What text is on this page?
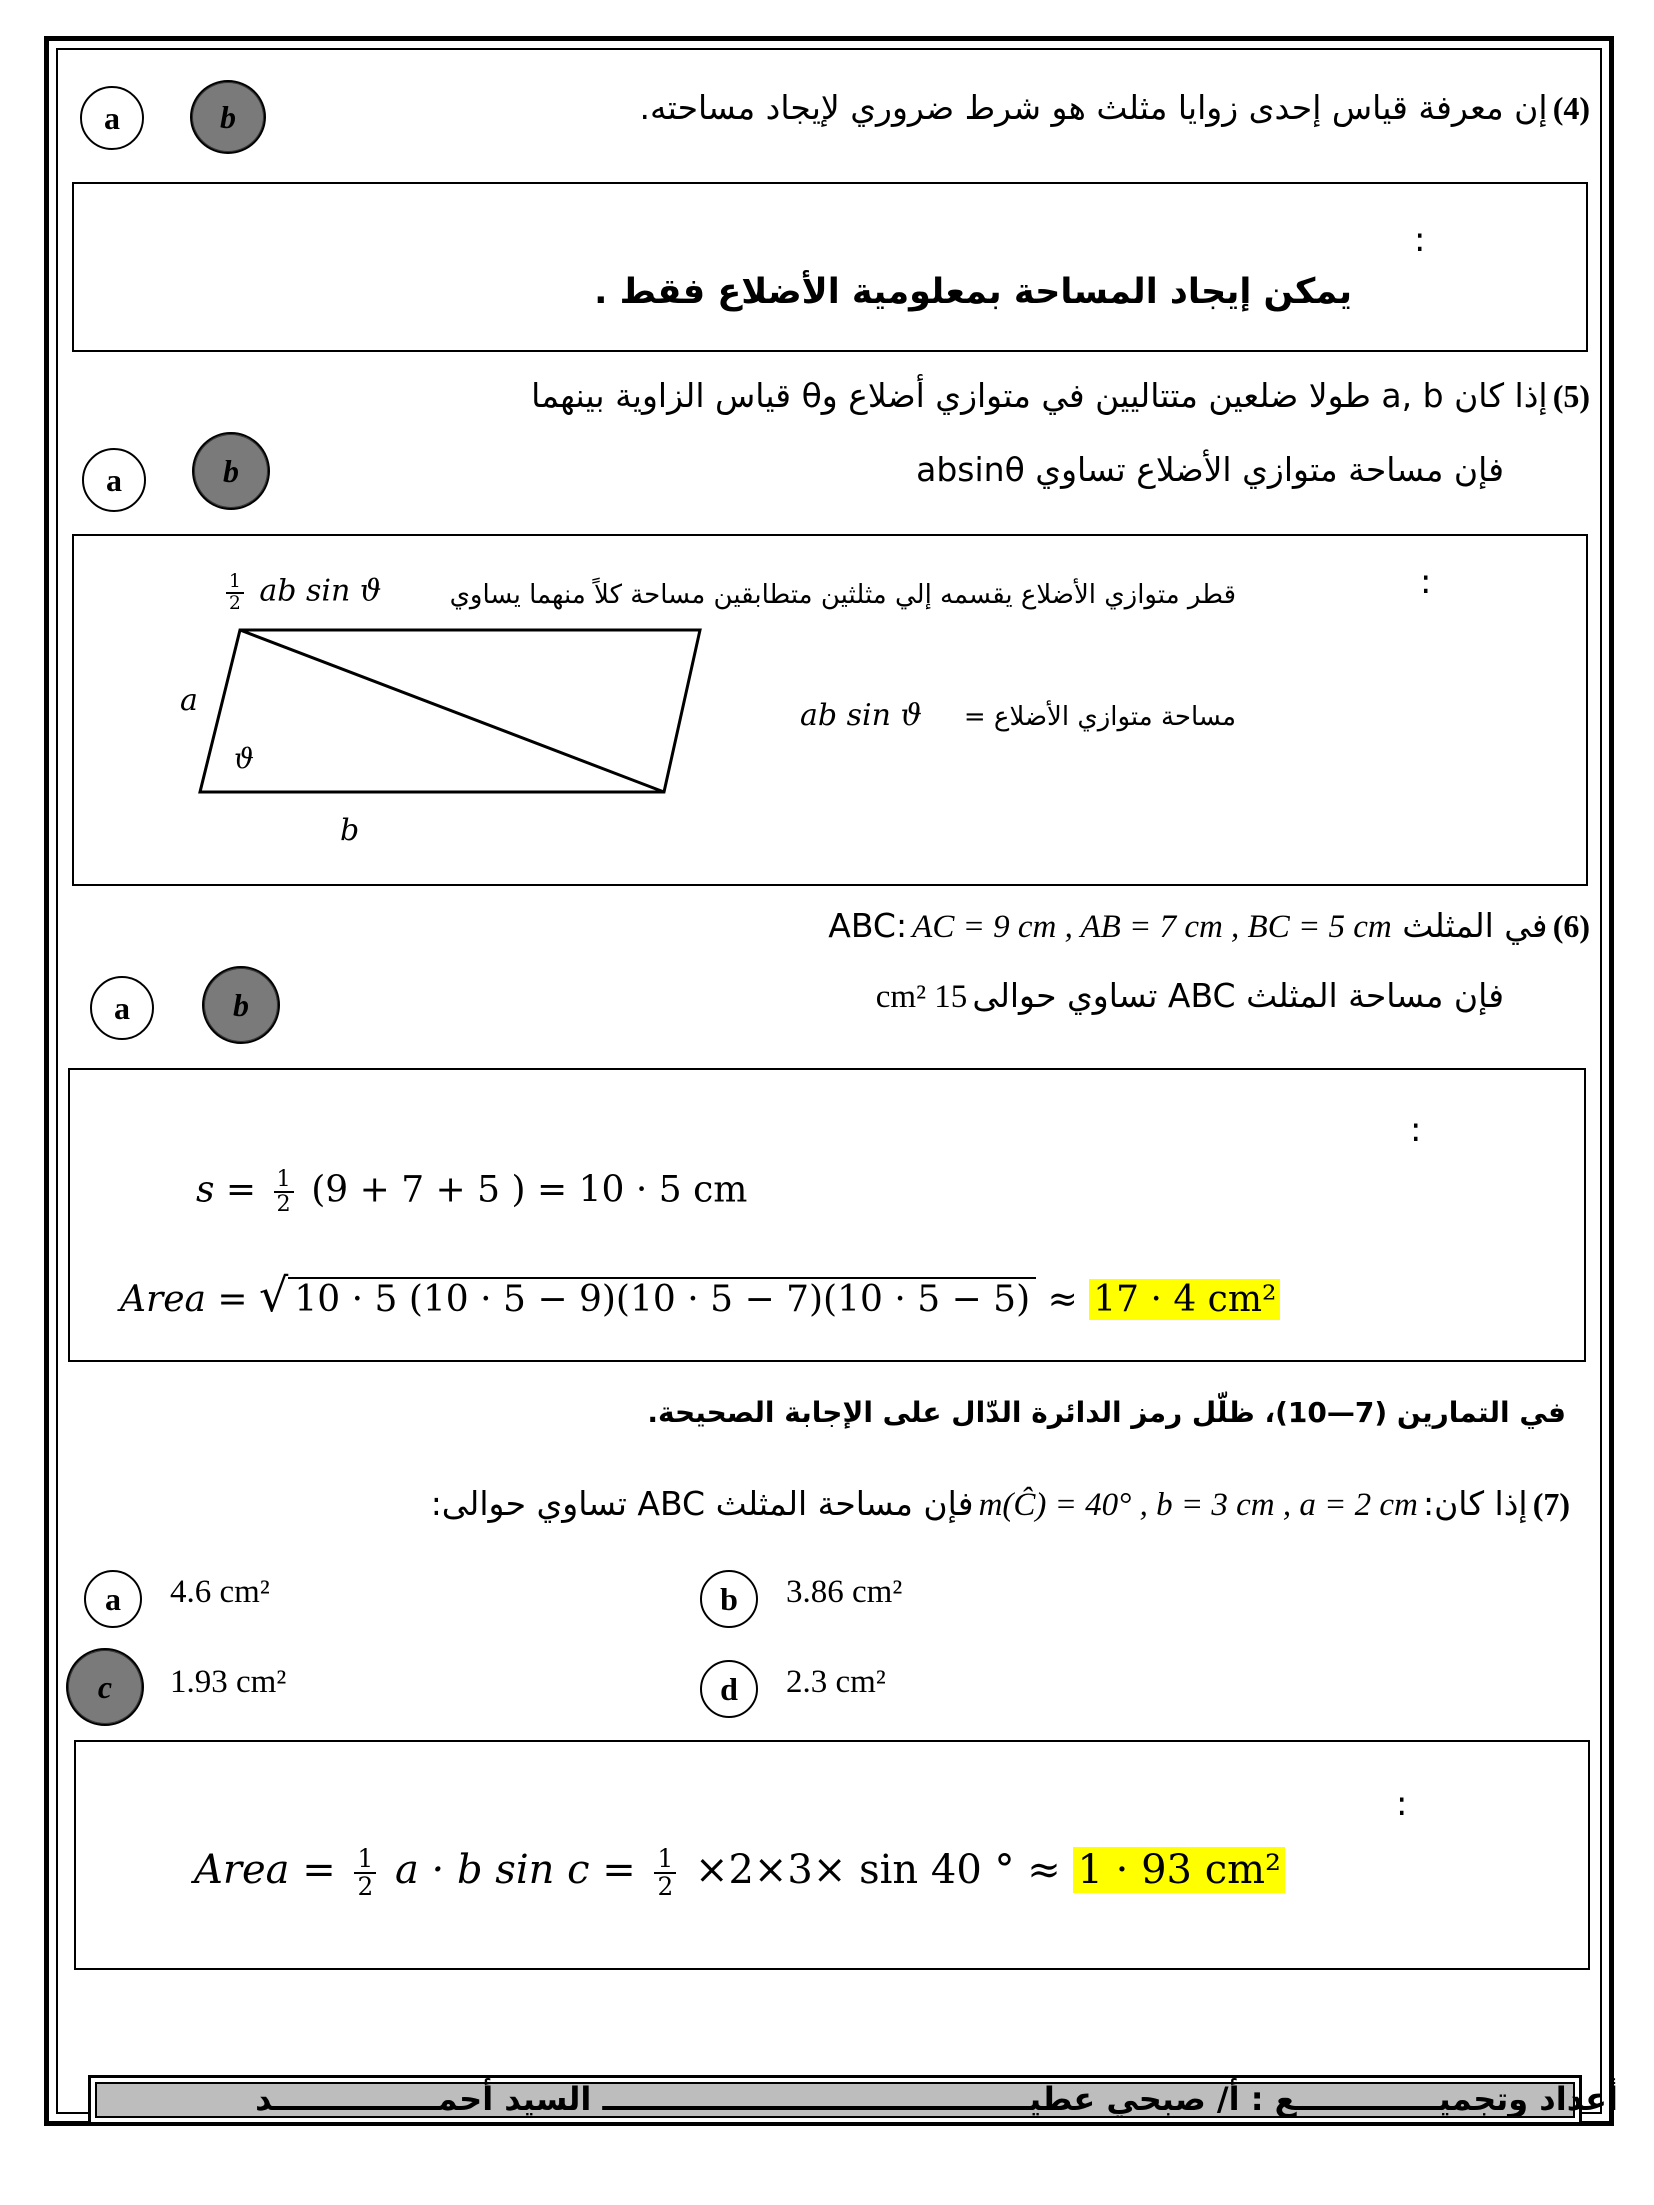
a	b	(4) إن معرفة قياس إحدى زوايا مثلث هو شرط ضروري لإيجاد مساحته.
:
يمكن إيجاد المساحة بمعلومية الأضلاع فقط .
(5) إذا كان a, b طولا ضلعين متتاليين في متوازي أضلاع وθ قياس الزاوية بينهما
فإن مساحة متوازي الأضلاع تساوي absinθ
a	b
:
$\frac{1}{2}$ ab sin ϑ	قطر متوازي الأضلاع يقسمه إلي مثلثين متطابقين مساحة كلاً منهما يساوي
ab sin ϑ مساحة متوازي الأضلاع =
a
ϑ
b
(6) في المثلث ABC: AC = 9 cm , AB = 7 cm , BC = 5 cm
فإن مساحة المثلث ABC تساوي حوالى 15 cm²
a	b
:
$s = \frac{1}{2} (9 + 7 + 5$ ) = 10 · 5 cm
Area = √ 10 · 5 (10 · 5 − 9)(10 · 5 − 7)(10 · 5 − 5) ≈ 17 · 4 cm²
في التمارين (7—10)، ظلّل رمز الدائرة الدّال على الإجابة الصحيحة.
(7) إذا كان: m(Ĉ) = 40° , b = 3 cm , a = 2 cm فإن مساحة المثلث ABC تساوي حوالى:
a 4.6 cm²	b 3.86 cm²
c 1.93 cm²	d 2.3 cm²
:
Area = $\frac{1}{2}$ a · b $\sin c = \frac{1}{2} \times 2\times 3\times \sin 40$ ° ≈ 1 · 93 cm²
أعداد وتجميـــــــــــــع : أ/ صبحي عطيـــــــــــــــــــــــــــــــــــــــ السيد أحمـــــــــــــــد
